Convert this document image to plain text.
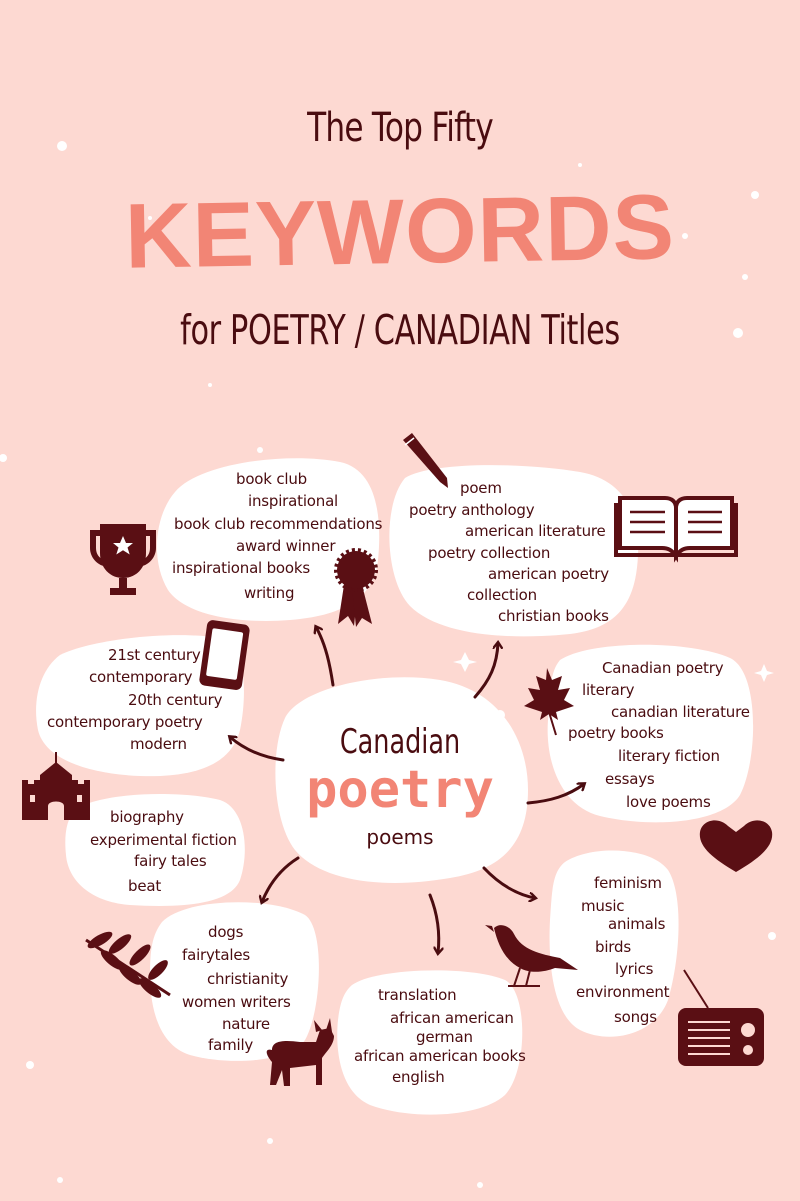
The Top Fifty
KEYWORDS
for POETRY / CANADIAN Titles
Canadian
poetry
poems
book club
inspirational
book club recommendations
award winner
inspirational books
writing
poem
poetry anthology
american literature
poetry collection
american poetry
collection
christian books
21st century
contemporary
20th century
contemporary poetry
modern
Canadian poetry
literary
canadian literature
poetry books
literary fiction
essays
love poems
biography
experimental fiction
fairy tales
beat
dogs
fairytales
christianity
women writers
nature
family
translation
african american
german
african american books
english
feminism
music
animals
birds
lyrics
environment
songs
